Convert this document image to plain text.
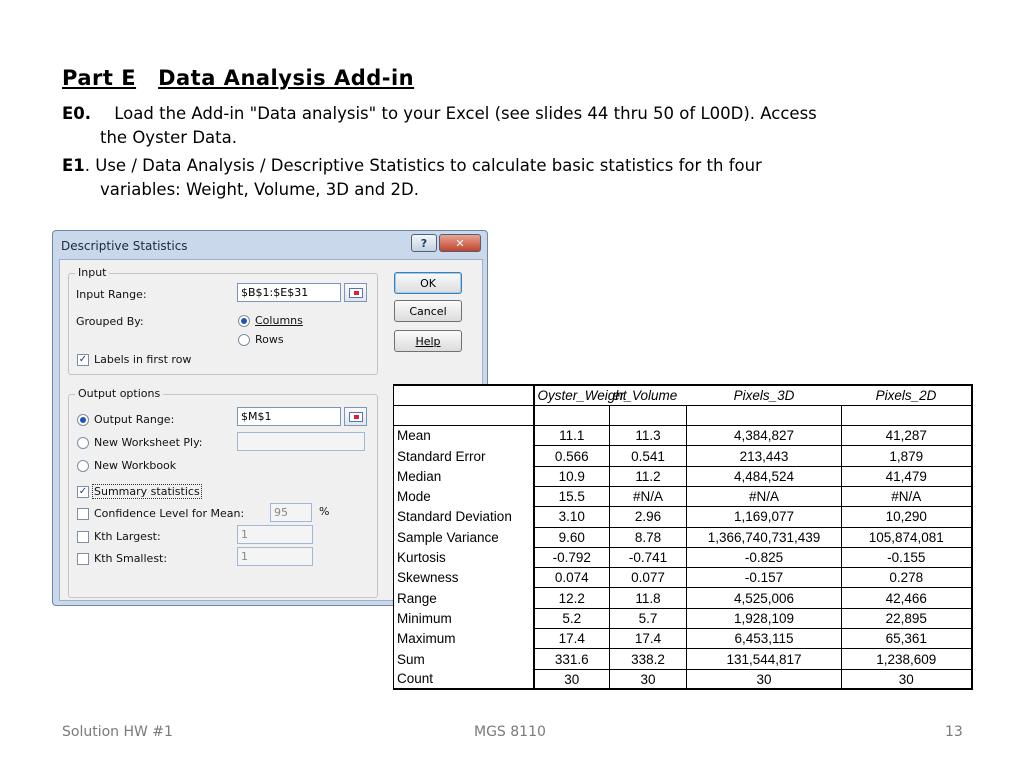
Part E Data Analysis Add-in
E0. Load the Add-in "Data analysis" to your Excel (see slides 44 thru 50 of L00D). Access
the Oyster Data.
E1. Use / Data Analysis / Descriptive Statistics to calculate basic statistics for th four
variables: Weight, Volume, 3D and 2D.
Descriptive Statistics	?	✕
Input
Input Range:	$B$1:$E$31
Grouped By:	Columns
Rows
✓ Labels in first row
Output options
Output Range:	$M$1
New Worksheet Ply:
New Workbook
✓ Summary statistics
Confidence Level for Mean:	95	%
Kth Largest:	1
Kth Smallest:	1
OK
Cancel
Help

	Oyster_Weight	er_Volume	Pixels_3D	Pixels_2D

Mean	11.1	11.3	4,384,827	41,287
Standard Error	0.566	0.541	213,443	1,879
Median	10.9	11.2	4,484,524	41,479
Mode	15.5	#N/A	#N/A	#N/A
Standard Deviation	3.10	2.96	1,169,077	10,290
Sample Variance	9.60	8.78	1,366,740,731,439	105,874,081
Kurtosis	-0.792	-0.741	-0.825	-0.155
Skewness	0.074	0.077	-0.157	0.278
Range	12.2	11.8	4,525,006	42,466
Minimum	5.2	5.7	1,928,109	22,895
Maximum	17.4	17.4	6,453,115	65,361
Sum	331.6	338.2	131,544,817	1,238,609
Count	30	30	30	30
Solution HW #1	MGS 8110	13
